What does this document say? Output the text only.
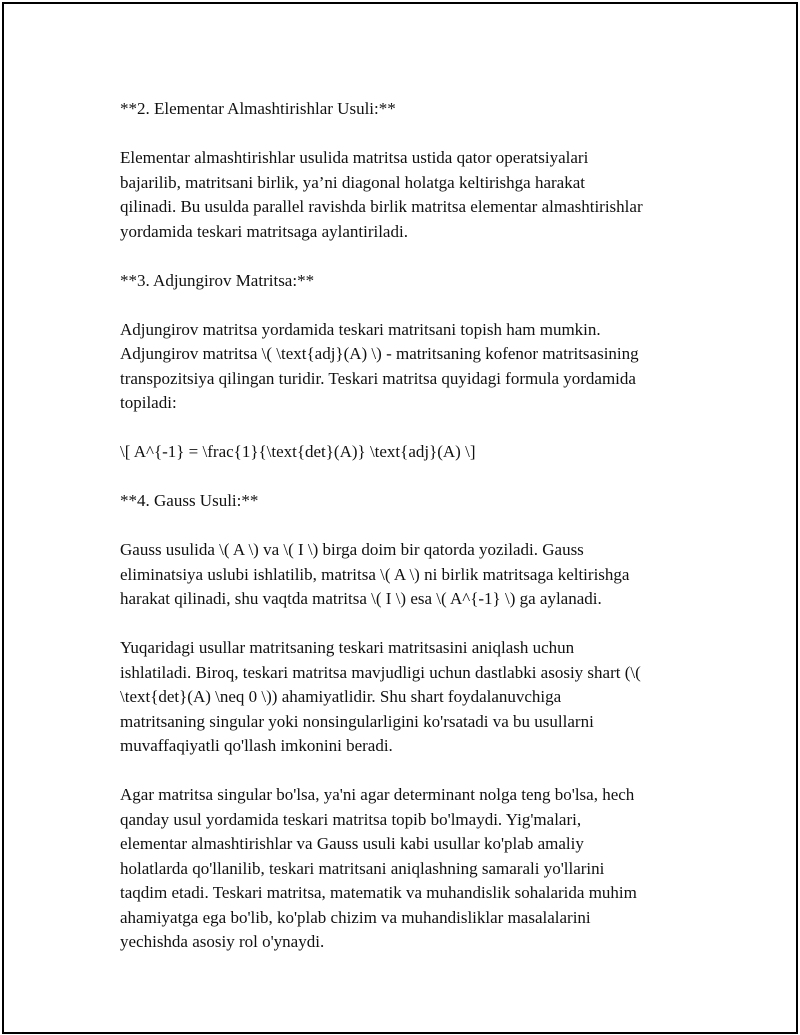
**2. Elementar Almashtirishlar Usuli:**

Elementar almashtirishlar usulida matritsa ustida qator operatsiyalari
bajarilib, matritsani birlik, ya’ni diagonal holatga keltirishga harakat
qilinadi. Bu usulda parallel ravishda birlik matritsa elementar almashtirishlar
yordamida teskari matritsaga aylantiriladi.

**3. Adjungirov Matritsa:**

Adjungirov matritsa yordamida teskari matritsani topish ham mumkin.
Adjungirov matritsa \( \text{adj}(A) \) - matritsaning kofenor matritsasining
transpozitsiya qilingan turidir. Teskari matritsa quyidagi formula yordamida
topiladi:

\[ A^{-1} = \frac{1}{\text{det}(A)} \text{adj}(A) \]

**4. Gauss Usuli:**

Gauss usulida \( A \) va \( I \) birga doim bir qatorda yoziladi. Gauss
eliminatsiya uslubi ishlatilib, matritsa \( A \) ni birlik matritsaga keltirishga
harakat qilinadi, shu vaqtda matritsa \( I \) esa \( A^{-1} \) ga aylanadi.

Yuqaridagi usullar matritsaning teskari matritsasini aniqlash uchun
ishlatiladi. Biroq, teskari matritsa mavjudligi uchun dastlabki asosiy shart (\(
\text{det}(A) \neq 0 \)) ahamiyatlidir. Shu shart foydalanuvchiga
matritsaning singular yoki nonsingularligini ko'rsatadi va bu usullarni
muvaffaqiyatli qo'llash imkonini beradi.

Agar matritsa singular bo'lsa, ya'ni agar determinant nolga teng bo'lsa, hech
qanday usul yordamida teskari matritsa topib bo'lmaydi. Yig'malari,
elementar almashtirishlar va Gauss usuli kabi usullar ko'plab amaliy
holatlarda qo'llanilib, teskari matritsani aniqlashning samarali yo'llarini
taqdim etadi. Teskari matritsa, matematik va muhandislik sohalarida muhim
ahamiyatga ega bo'lib, ko'plab chizim va muhandisliklar masalalarini
yechishda asosiy rol o'ynaydi.
